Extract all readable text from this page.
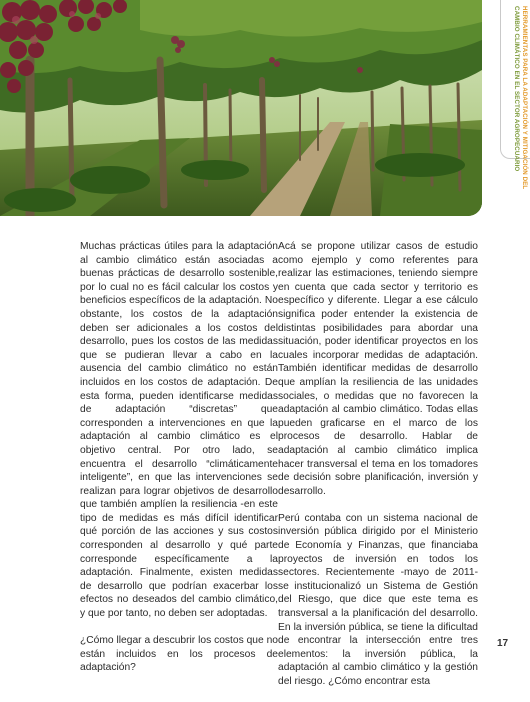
HERRAMIENTAS PARA LA ADAPTACIÓN Y MITIGACIÓN DEL
CAMBIO CLIMÁTICO EN EL SECTOR AGROPECUARIO

Muchas prácticas útiles para la adaptación al cambio climático están asociadas a buenas prácticas de desarrollo sostenible, por lo cual no es fácil calcular los costos y beneficios específicos de la adaptación. No obstante, los costos de la adaptación deben ser adicionales a los costos del desarrollo, pues los costos de las medidas que se pudieran llevar a cabo en la ausencia del cambio climático no están incluidos en los costos de adaptación. De esta forma, pueden identificarse medidas de adaptación “discretas” que corresponden a intervenciones en que la adaptación al cambio climático es el objetivo central. Por otro lado, se encuentra el desarrollo “climáticamente inteligente”, en que las intervenciones se realizan para lograr objetivos de desarrollo que también amplíen la resiliencia -en este tipo de medidas es más difícil identificar qué porción de las acciones y sus costos corresponden al desarrollo y qué parte corresponde específicamente a la adaptación. Finalmente, existen medidas de desarrollo que podrían exacerbar los efectos no deseados del cambio climático, y que por tanto, no deben ser adoptadas.

¿Cómo llegar a descubrir los costos que no están incluidos en los procesos de adaptación?

Acá se propone utilizar casos de estudio como ejemplo y como referentes para realizar las estimaciones, teniendo siempre en cuenta que cada sector y territorio es específico y diferente. Llegar a ese cálculo significa poder entender la existencia de distintas posibilidades para abordar una situación, poder identificar proyectos en los cuales incorporar medidas de adaptación. También identificar medidas de desarrollo que amplían la resiliencia de las unidades sociales, o medidas que no favorecen la adaptación al cambio climático. Todas ellas pueden graficarse en el marco de los procesos de desarrollo. Hablar de adaptación al cambio climático implica hacer transversal el tema en los tomadores de decisión sobre planificación, inversión y desarrollo.

Perú contaba con un sistema nacional de inversión pública dirigido por el Ministerio de Economía y Finanzas, que financiaba proyectos de inversión en todos los sectores. Recientemente -mayo de 2011- se institucionalizó un Sistema de Gestión del Riesgo, que dice que este tema es transversal a la planificación del desarrollo. En la inversión pública, se tiene la dificultad de encontrar la intersección entre tres elementos: la inversión pública, la adaptación al cambio climático y la gestión del riesgo. ¿Cómo encontrar esta

17
